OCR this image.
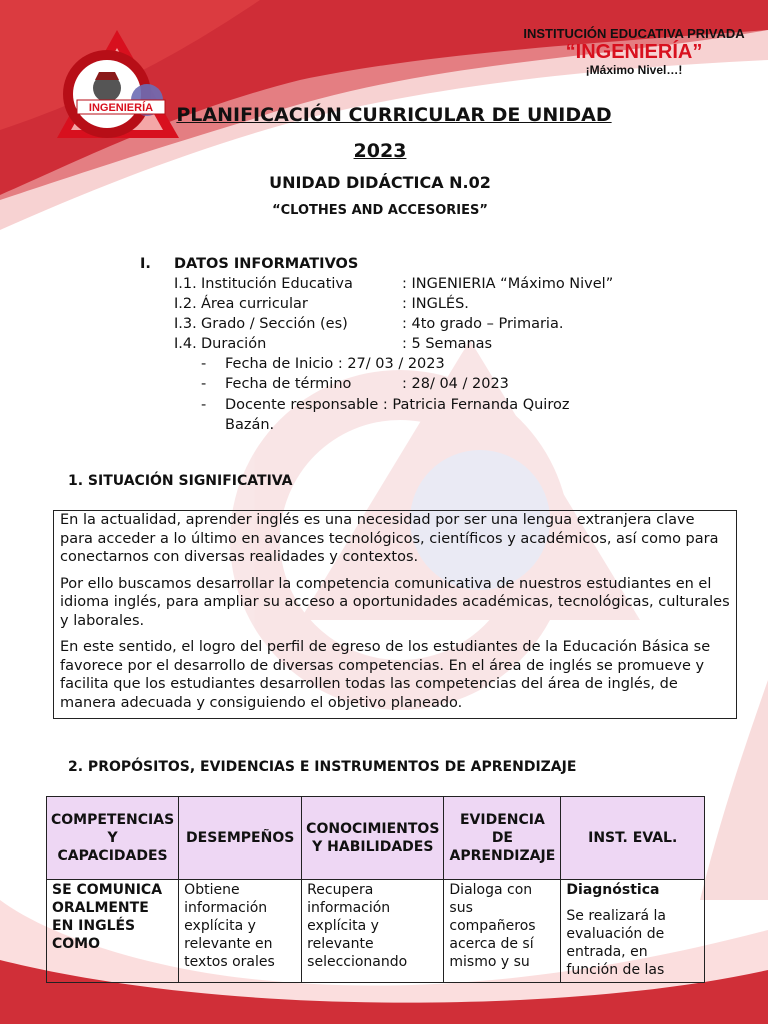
INGENIERÍA
INSTITUCIÓN EDUCATIVA PRIVADA
“INGENIERÍA”
¡Máximo Nivel…!
PLANIFICACIÓN CURRICULAR DE UNIDAD
2023
UNIDAD DIDÁCTICA N.02
“CLOTHES AND ACCESORIES”
I. DATOS INFORMATIVOS
I.1. Institución Educativa	: INGENIERIA “Máximo Nivel”
I.2. Área curricular	: INGLÉS.
I.3. Grado / Sección (es)	: 4to grado – Primaria.
I.4. Duración	: 5 Semanas
- Fecha de Inicio : 27/ 03 / 2023
- Fecha de término	: 28/ 04 / 2023
- Docente responsable : Patricia Fernanda Quiroz
Bazán.
1. SITUACIÓN SIGNIFICATIVA

En la actualidad, aprender inglés es una necesidad por ser una lengua extranjera clave para acceder a lo último en avances tecnológicos, científicos y académicos, así como para conectarnos con diversas realidades y contextos.

Por ello buscamos desarrollar la competencia comunicativa de nuestros estudiantes en el idioma inglés, para ampliar su acceso a oportunidades académicas, tecnológicas, culturales y laborales.

En este sentido, el logro del perfil de egreso de los estudiantes de la Educación Básica se favorece por el desarrollo de diversas competencias. En el área de inglés se promueve y facilita que los estudiantes desarrollen todas las competencias del área de inglés, de manera adecuada y consiguiendo el objetivo planeado.

2. PROPÓSITOS, EVIDENCIAS E INSTRUMENTOS DE APRENDIZAJE
COMPETENCIAS Y CAPACIDADES	DESEMPEÑOS	CONOCIMIENTOS Y HABILIDADES	EVIDENCIA DE APRENDIZAJE	INST. EVAL.
SE COMUNICA ORALMENTE EN INGLÉS COMO	Obtiene información explícita y relevante en textos orales	Recupera información explícita y relevante seleccionando	Dialoga con sus compañeros acerca de sí mismo y su	Diagnóstica
Se realizará la evaluación de entrada, en función de las
